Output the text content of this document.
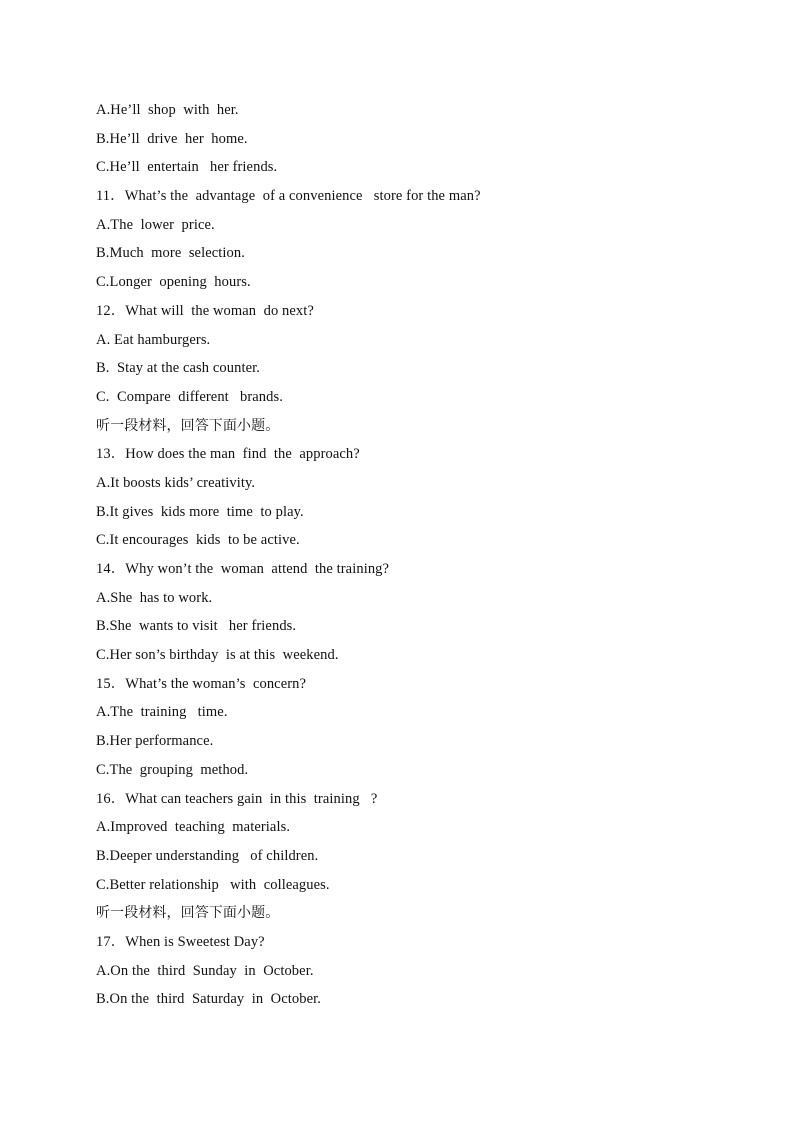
A.He’ll  shop  with  her.
B.He’ll  drive  her  home.
C.He’ll  entertain   her friends.
11．What’s the  advantage  of a convenience   store for the man?
A.The  lower  price.
B.Much  more  selection.
C.Longer  opening  hours.
12．What will  the woman  do next?
A. Eat hamburgers.
B.  Stay at the cash counter.
C.  Compare  different   brands.
听一段材料，回答下面小题。
13．How does the man  find  the  approach?
A.It boosts kids’ creativity.
B.It gives  kids more  time  to play.
C.It encourages  kids  to be active.
14．Why won’t the  woman  attend  the training?
A.She  has to work.
B.She  wants to visit   her friends.
C.Her son’s birthday  is at this  weekend.
15．What’s the woman’s  concern?
A.The  training   time.
B.Her performance.
C.The  grouping  method.
16．What can teachers gain  in this  training   ?
A.Improved  teaching  materials.
B.Deeper understanding   of children.
C.Better relationship   with  colleagues.
听一段材料，回答下面小题。
17．When is Sweetest Day?
A.On the  third  Sunday  in  October.
B.On the  third  Saturday  in  October.
